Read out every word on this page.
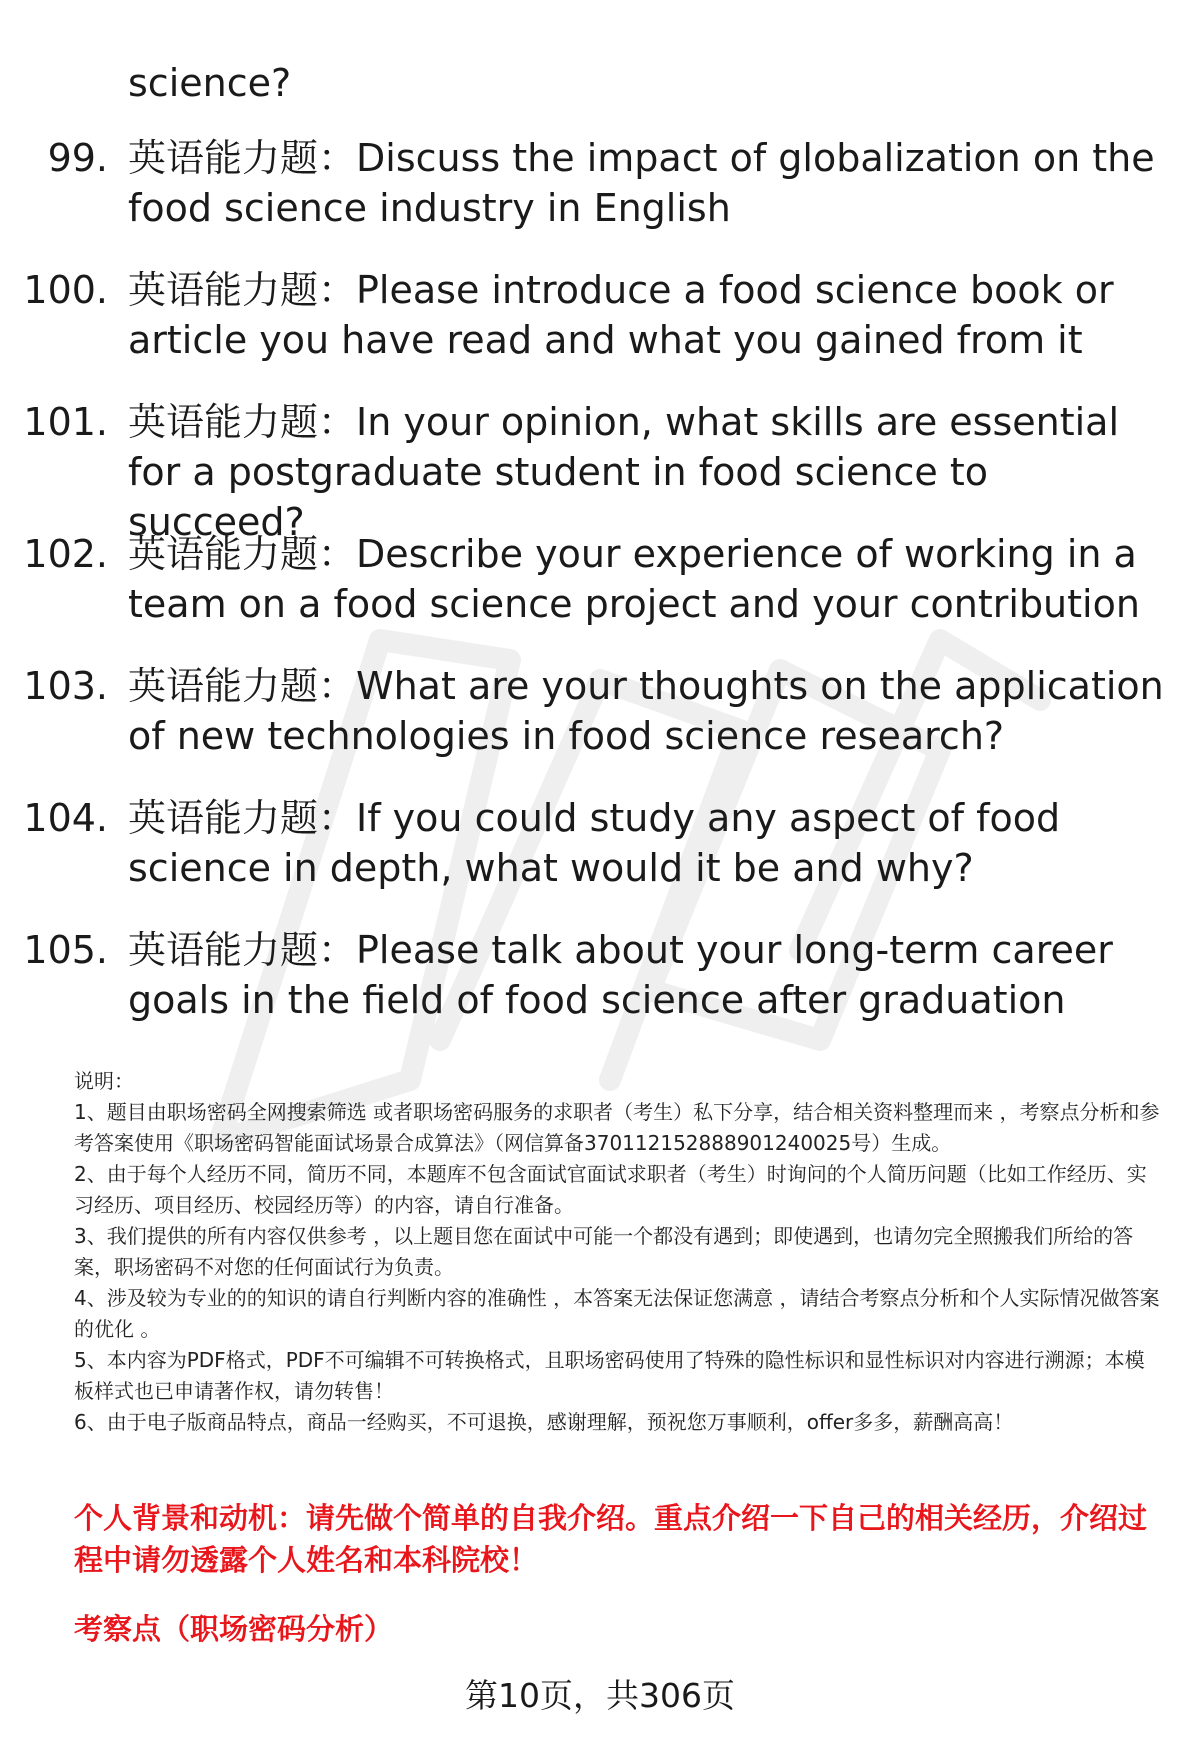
science?
99. 英语能力题：Discuss the impact of globalization on the food science industry in English
100. 英语能力题：Please introduce a food science book or article you have read and what you gained from it
101. 英语能力题：In your opinion, what skills are essential for a postgraduate student in food science to succeed?
102. 英语能力题：Describe your experience of working in a team on a food science project and your contribution
103. 英语能力题：What are your thoughts on the application of new technologies in food science research?
104. 英语能力题：If you could study any aspect of food science in depth, what would it be and why?
105. 英语能力题：Please talk about your long-term career goals in the field of food science after graduation

说明：

1、题目由职场密码全网搜索筛选 或者职场密码服务的求职者（考生）私下分享，结合相关资料整理而来 ，考察点分析和参考答案使用《职场密码智能面试场景合成算法》（网信算备37011215288890124​0025号）生成。

2、由于每个人经历不同，简历不同，本题库不包含面试官面试求职者（考生）时询问的个人简历问题（比如工作经历、实习经历、项目经历、校园经历等）的内容，请自行准备。

3、我们提供的所有内容仅供参考 ，以上题目您在面试中可能一个都没有遇到；即使遇到，也请勿完全照搬我们所给的答案，职场密码不对您的任何面试行为负责。

4、涉及较为专业的的知识的请自行判断内容的准确性 ，本答案无法保证您满意 ，请结合考察点分析和个人实际情况做答案的优化 。

5、本内容为PDF格式，PDF不可编辑不可转换格式，且职场密码使用了特殊的隐性标识和显性标识对内容进行溯源；本模板样式也已申请著作权，请勿转售！

6、由于电子版商品特点，商品一经购买，不可退换，感谢理解，预祝您万事顺利，offer多多，薪酬高高！

个人背景和动机：请先做个简单的自我介绍。重点介绍一下自己的相关经历，介绍过程中请勿透露个人姓名和本科院校！
考察点（职场密码分析）
第10页，共306页
